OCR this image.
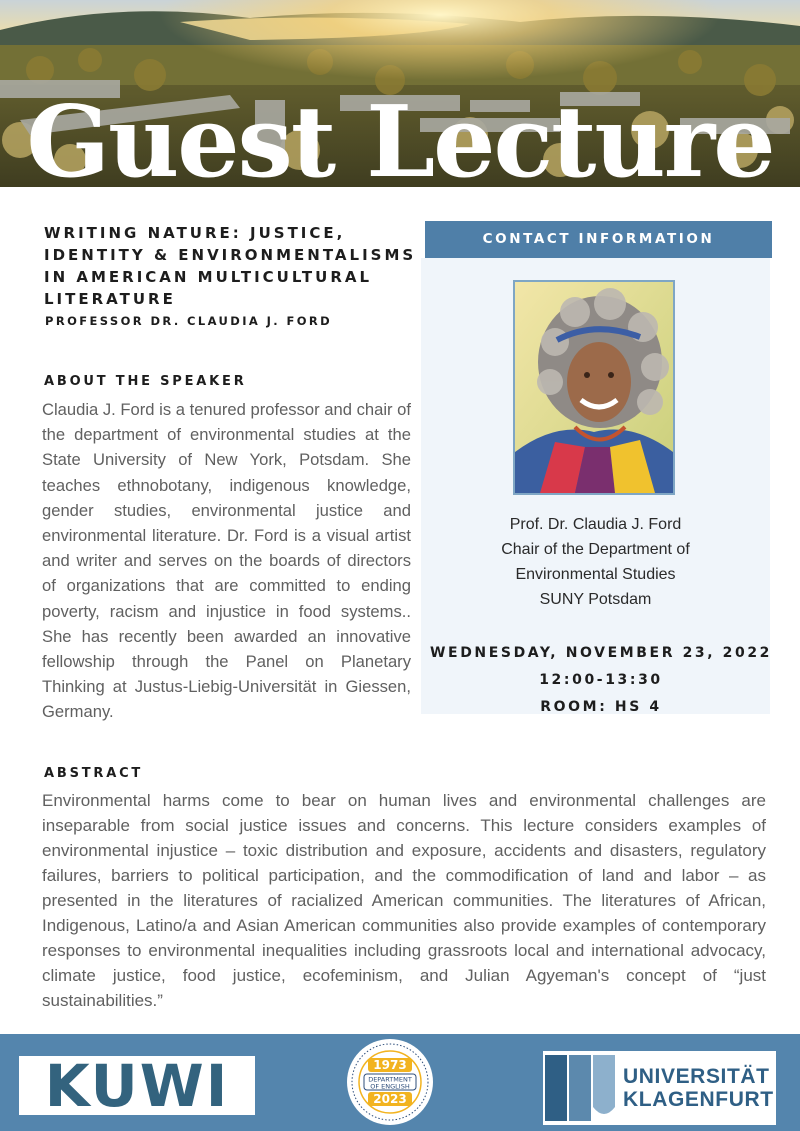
Guest Lecture
WRITING NATURE: JUSTICE, IDENTITY & ENVIRONMENTALISMS IN AMERICAN MULTICULTURAL LITERATURE
PROFESSOR DR. CLAUDIA J. FORD
ABOUT THE SPEAKER

Claudia J. Ford is a tenured professor and chair of the department of environmental studies at the State University of New York, Potsdam. She teaches ethnobotany, indigenous knowledge, gender studies, environmental justice and environmental literature. Dr. Ford is a visual artist and writer and serves on the boards of directors of organizations that are committed to ending poverty, racism and injustice in food systems.. She has recently been awarded an innovative fellowship through the Panel on Planetary Thinking at Justus-Liebig-Universität in Giessen, Germany.

CONTACT INFORMATION
Prof. Dr. Claudia J. Ford
Chair of the Department of
Environmental Studies
SUNY Potsdam
WEDNESDAY, NOVEMBER 23, 2022
12:00-13:30
ROOM: HS 4
ABSTRACT

Environmental harms come to bear on human lives and environmental challenges are inseparable from social justice issues and concerns. This lecture considers examples of environmental injustice – toxic distribution and exposure, accidents and disasters, regulatory failures, barriers to political participation, and the commodification of land and labor – as presented in the literatures of racialized American communities. The literatures of African, Indigenous, Latino/a and Asian American communities also provide examples of contemporary responses to environmental inequalities including grassroots local and international advocacy, climate justice, food justice, ecofeminism, and Julian Agyeman's concept of “just sustainabilities.”

KUWI	1973
DEPARTMENT
OF ENGLISH
2023
UNIVERSITÄT
KLAGENFURT
